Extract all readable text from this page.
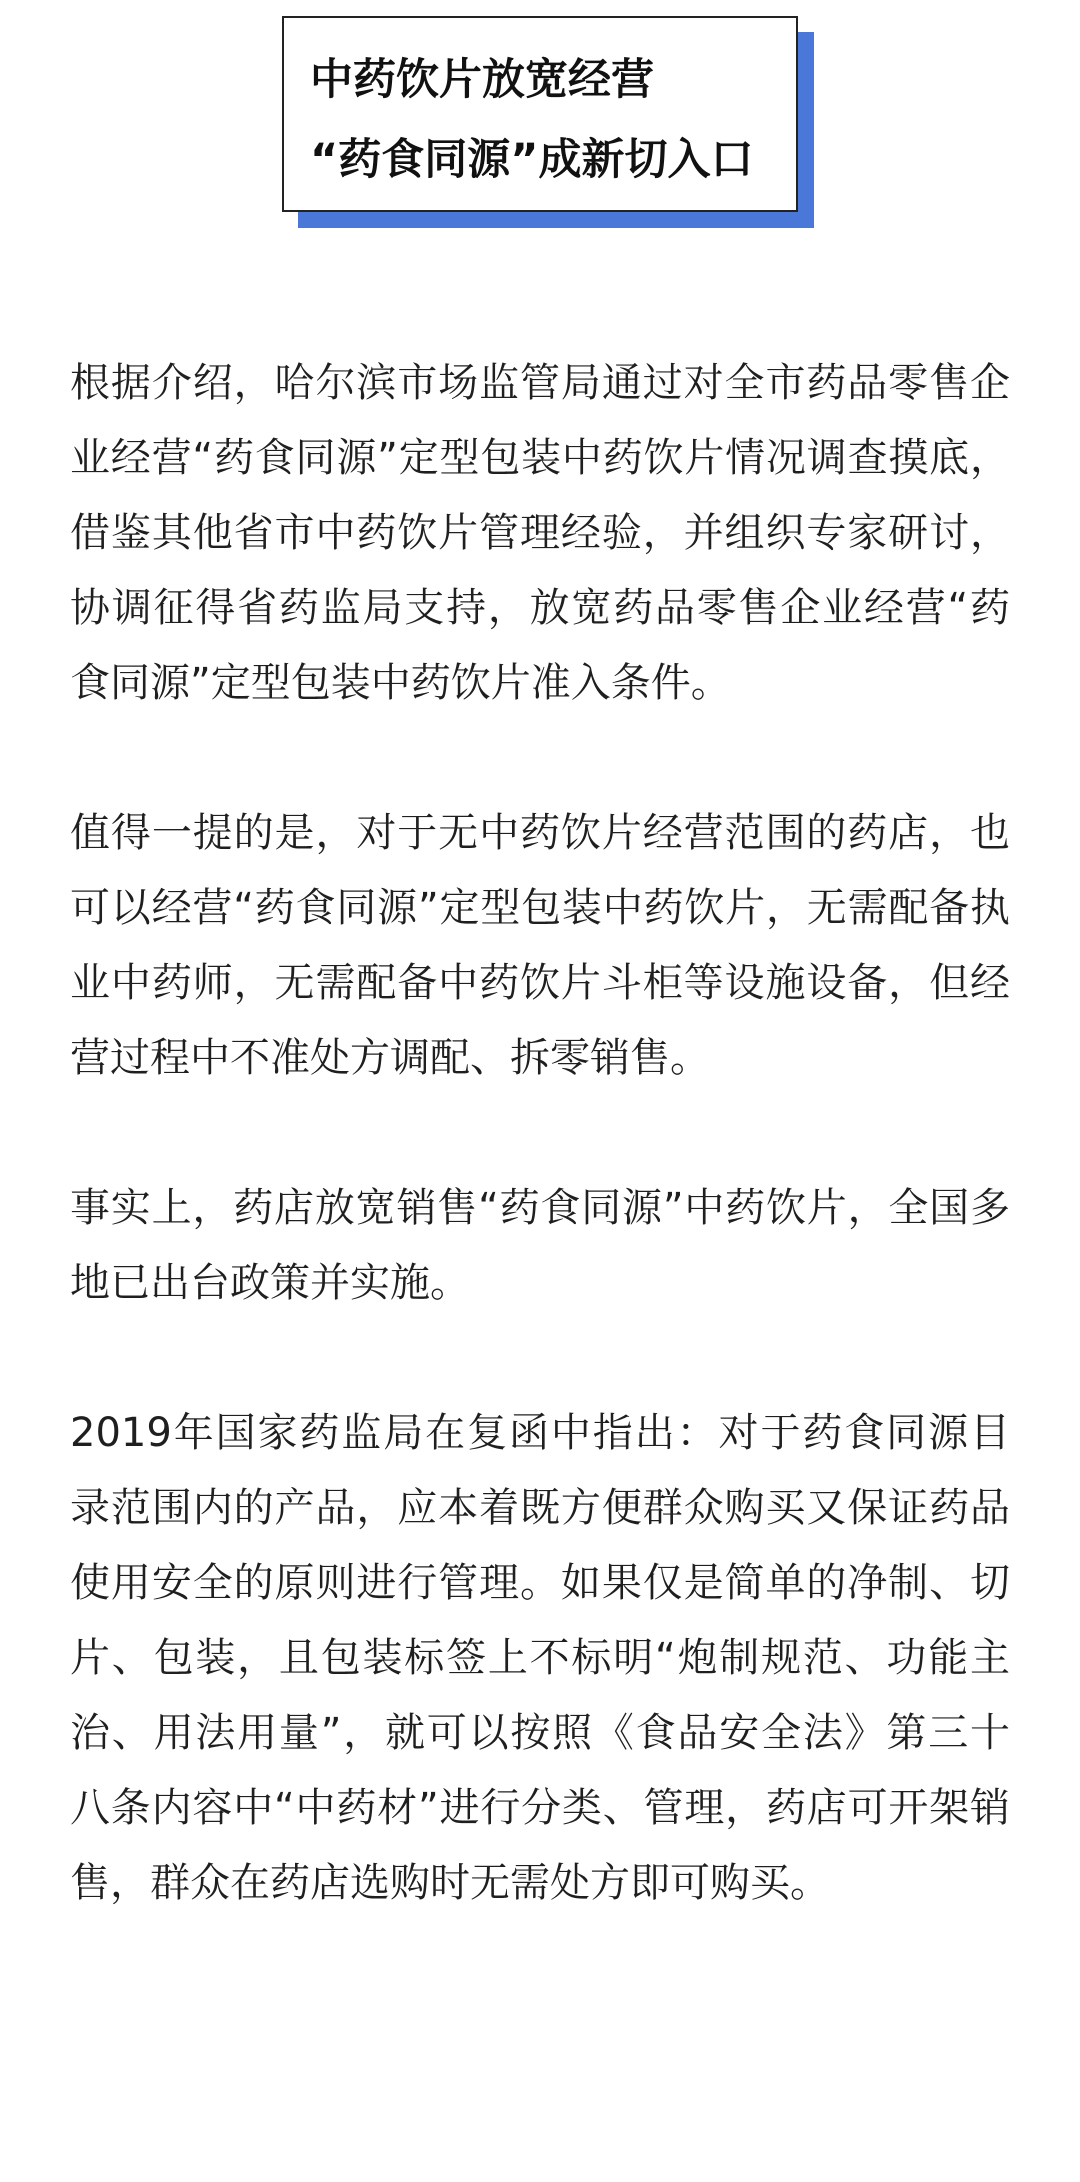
中药饮片放宽经营
“药食同源”成新切入口

根据介绍，哈尔滨市场监管局通过对全市药品零售企业经营“药食同源”定型包装中药饮片情况调查摸底，借鉴其他省市中药饮片管理经验，并组织专家研讨，协调征得省药监局支持，放宽药品零售企业经营“药食同源”定型包装中药饮片准入条件。

值得一提的是，对于无中药饮片经营范围的药店，也可以经营“药食同源”定型包装中药饮片，无需配备执业中药师，无需配备中药饮片斗柜等设施设备，但经营过程中不准处方调配、拆零销售。

事实上，药店放宽销售“药食同源”中药饮片，全国多地已出台政策并实施。

2019年国家药监局在复函中指出：对于药食同源目录范围内的产品，应本着既方便群众购买又保证药品使用安全的原则进行管理。如果仅是简单的净制、切片、包装，且包装标签上不标明“炮制规范、功能主治、用法用量”，就可以按照《食品安全法》第三十八条内容中“中药材”进行分类、管理，药店可开架销售，群众在药店选购时无需处方即可购买。
